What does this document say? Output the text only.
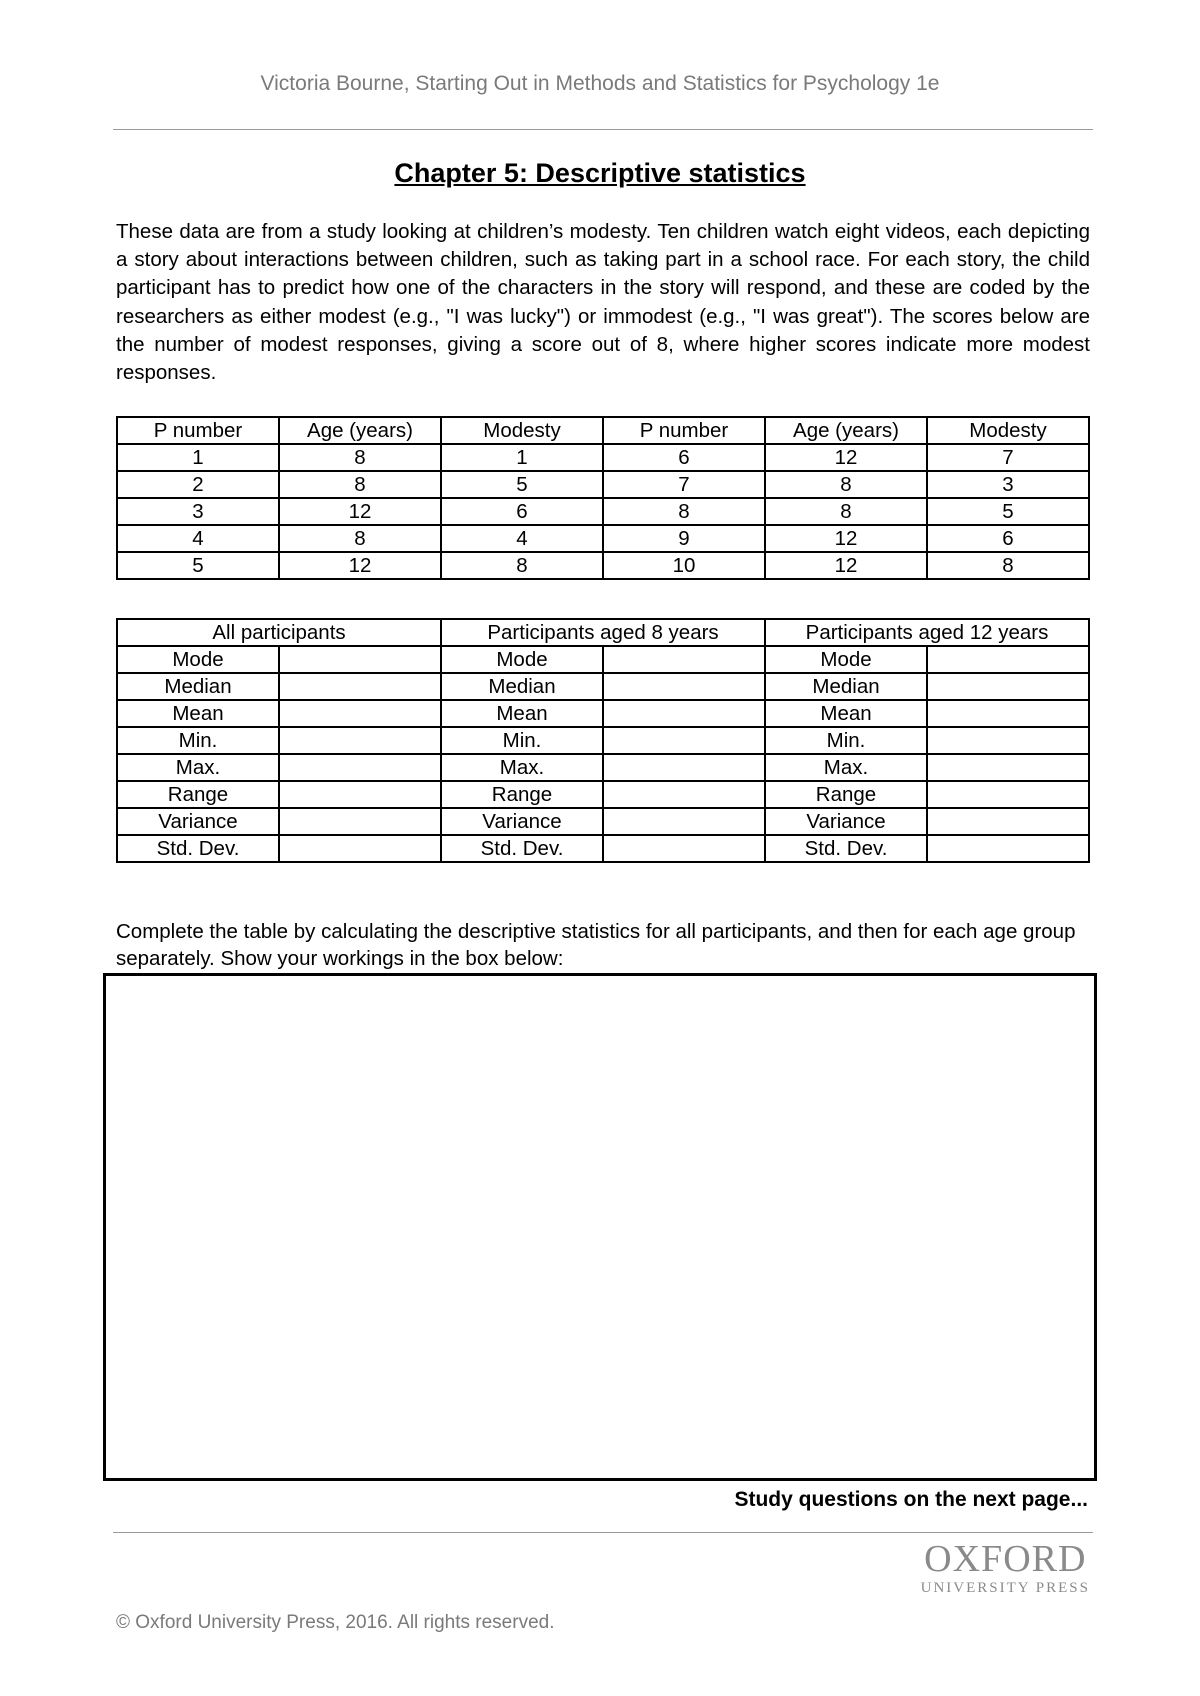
Victoria Bourne, Starting Out in Methods and Statistics for Psychology 1e
Chapter 5: Descriptive statistics

These data are from a study looking at children’s modesty. Ten children watch eight videos, each depicting a story about interactions between children, such as taking part in a school race. For each story, the child participant has to predict how one of the characters in the story will respond, and these are coded by the researchers as either modest (e.g., "I was lucky") or immodest (e.g., "I was great"). The scores below are the number of modest responses, giving a score out of 8, where higher scores indicate more modest responses.

P number	Age (years)	Modesty	P number	Age (years)	Modesty
1	8	1	6	12	7
2	8	5	7	8	3
3	12	6	8	8	5
4	8	4	9	12	6
5	12	8	10	12	8
All participants		Participants aged 8 years		Participants aged 12 years	
Mode		Mode		Mode	
Median		Median		Median	
Mean		Mean		Mean	
Min.		Min.		Min.	
Max.		Max.		Max.	
Range		Range		Range	
Variance		Variance		Variance	
Std. Dev.		Std. Dev.		Std. Dev.	

Complete the table by calculating the descriptive statistics for all participants, and then for each age group separately. Show your workings in the box below:

Study questions on the next page...
OXFORD
UNIVERSITY PRESS
© Oxford University Press, 2016. All rights reserved.
